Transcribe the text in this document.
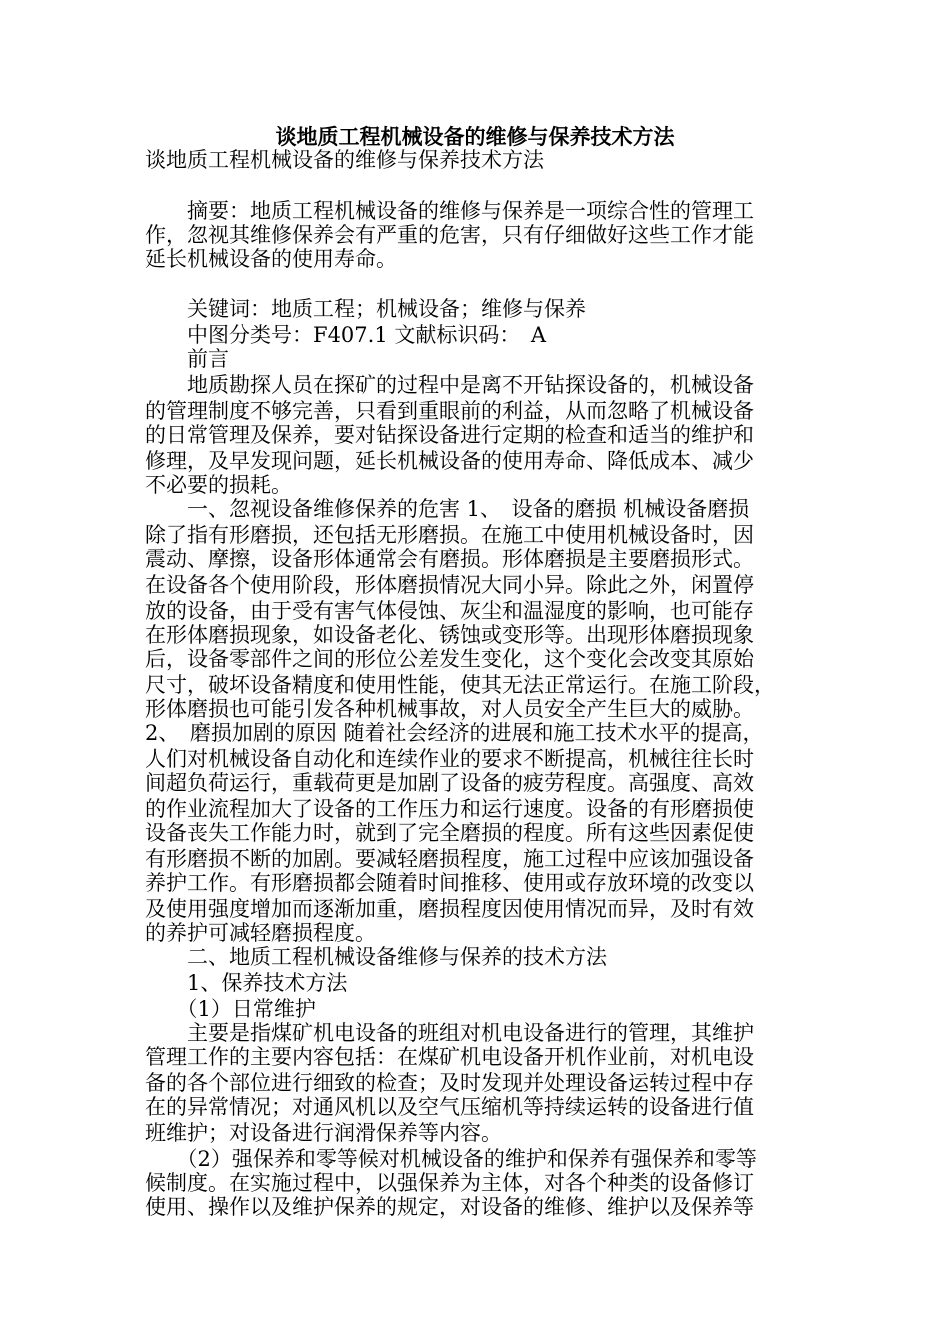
谈地质工程机械设备的维修与保养技术方法
谈地质工程机械设备的维修与保养技术方法
　　摘要：地质工程机械设备的维修与保养是一项综合性的管理工
作，忽视其维修保养会有严重的危害，只有仔细做好这些工作才能
延长机械设备的使用寿命。
　　关键词：地质工程；机械设备；维修与保养
　　中图分类号：F407.1 文献标识码：　A
　　前言
　　地质勘探人员在探矿的过程中是离不开钻探设备的，机械设备
的管理制度不够完善，只看到重眼前的利益，从而忽略了机械设备
的日常管理及保养，要对钻探设备进行定期的检查和适当的维护和
修理，及早发现问题，延长机械设备的使用寿命、降低成本、减少
不必要的损耗。
　　一、忽视设备维修保养的危害 1、　设备的磨损 机械设备磨损
除了指有形磨损，还包括无形磨损。在施工中使用机械设备时，因
震动、摩擦，设备形体通常会有磨损。形体磨损是主要磨损形式。
在设备各个使用阶段，形体磨损情况大同小异。除此之外，闲置停
放的设备，由于受有害气体侵蚀、灰尘和温湿度的影响，也可能存
在形体磨损现象，如设备老化、锈蚀或变形等。出现形体磨损现象
后，设备零部件之间的形位公差发生变化，这个变化会改变其原始
尺寸，破坏设备精度和使用性能，使其无法正常运行。在施工阶段，
形体磨损也可能引发各种机械事故，对人员安全产生巨大的威胁。
2、　磨损加剧的原因 随着社会经济的进展和施工技术水平的提高，
人们对机械设备自动化和连续作业的要求不断提高，机械往往长时
间超负荷运行，重载荷更是加剧了设备的疲劳程度。高强度、高效
的作业流程加大了设备的工作压力和运行速度。设备的有形磨损使
设备丧失工作能力时，就到了完全磨损的程度。所有这些因素促使
有形磨损不断的加剧。要减轻磨损程度，施工过程中应该加强设备
养护工作。有形磨损都会随着时间推移、使用或存放环境的改变以
及使用强度增加而逐渐加重，磨损程度因使用情况而异，及时有效
的养护可减轻磨损程度。
　　二、地质工程机械设备维修与保养的技术方法
　　1、保养技术方法
　　（1）日常维护
　　主要是指煤矿机电设备的班组对机电设备进行的管理，其维护
管理工作的主要内容包括：在煤矿机电设备开机作业前，对机电设
备的各个部位进行细致的检查；及时发现并处理设备运转过程中存
在的异常情况；对通风机以及空气压缩机等持续运转的设备进行值
班维护；对设备进行润滑保养等内容。
　　（2）强保养和零等候对机械设备的维护和保养有强保养和零等
候制度。在实施过程中，以强保养为主体，对各个种类的设备修订
使用、操作以及维护保养的规定，对设备的维修、维护以及保养等
